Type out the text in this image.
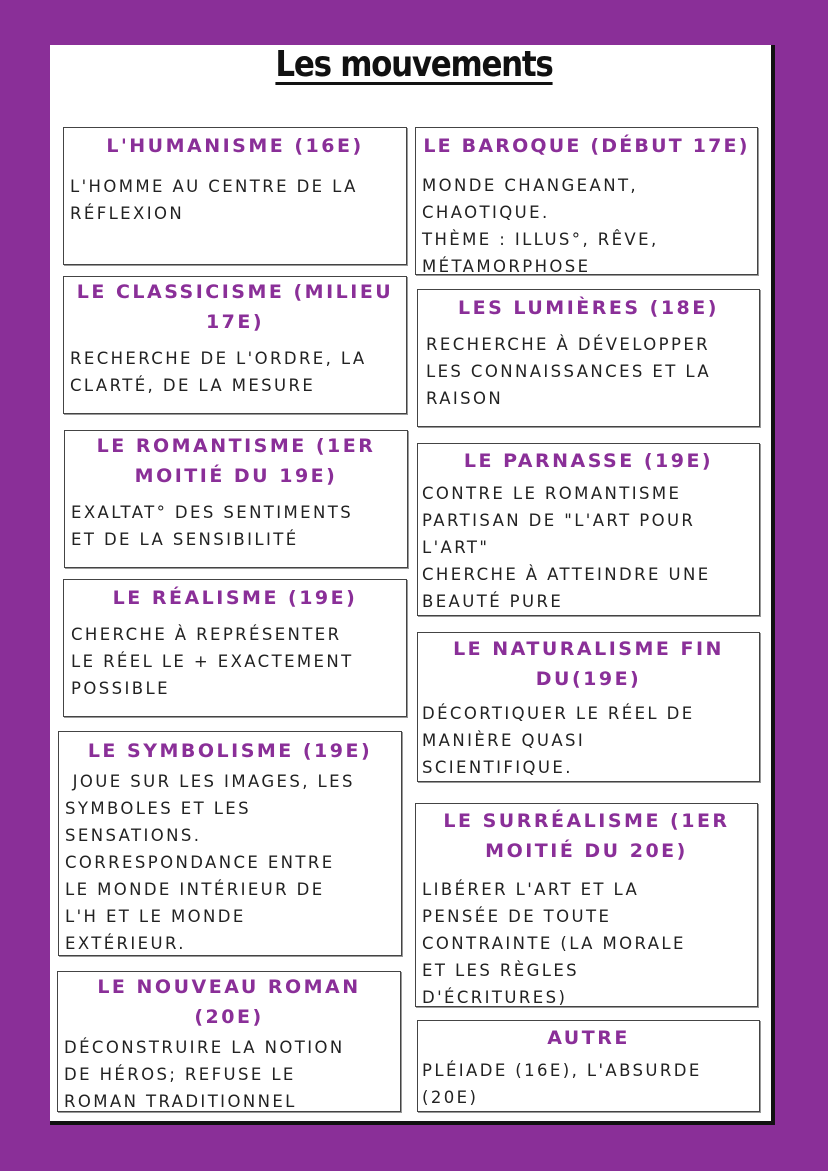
Les mouvements
L'HUMANISME (16E)

L'HOMME AU CENTRE DE LA
RÉFLEXION

LE CLASSICISME (MILIEU
17E)

RECHERCHE DE L'ORDRE, LA
CLARTÉ, DE LA MESURE

LE ROMANTISME (1ER
MOITIÉ DU 19E)

EXALTAT° DES SENTIMENTS
ET DE LA SENSIBILITÉ

LE RÉALISME (19E)

CHERCHE À REPRÉSENTER
LE RÉEL LE + EXACTEMENT
POSSIBLE

LE SYMBOLISME (19E)

JOUE SUR LES IMAGES, LES
SYMBOLES ET LES
SENSATIONS.
CORRESPONDANCE ENTRE
LE MONDE INTÉRIEUR DE
L'H ET LE MONDE
EXTÉRIEUR.

LE NOUVEAU ROMAN
(20E)

DÉCONSTRUIRE LA NOTION
DE HÉROS; REFUSE LE
ROMAN TRADITIONNEL

LE BAROQUE (DÉBUT 17E)

MONDE CHANGEANT,
CHAOTIQUE.
THÈME : ILLUS°, RÊVE,
MÉTAMORPHOSE

LES LUMIÈRES (18E)

RECHERCHE À DÉVELOPPER
LES CONNAISSANCES ET LA
RAISON

LE PARNASSE (19E)

CONTRE LE ROMANTISME
PARTISAN DE "L'ART POUR
L'ART"
CHERCHE À ATTEINDRE UNE
BEAUTÉ PURE

LE NATURALISME FIN
DU(19E)

DÉCORTIQUER LE RÉEL DE
MANIÈRE QUASI
SCIENTIFIQUE.

LE SURRÉALISME (1ER
MOITIÉ DU 20E)

LIBÉRER L'ART ET LA
PENSÉE DE TOUTE
CONTRAINTE (LA MORALE
ET LES RÈGLES
D'ÉCRITURES)

AUTRE

PLÉIADE (16E), L'ABSURDE
(20E)
